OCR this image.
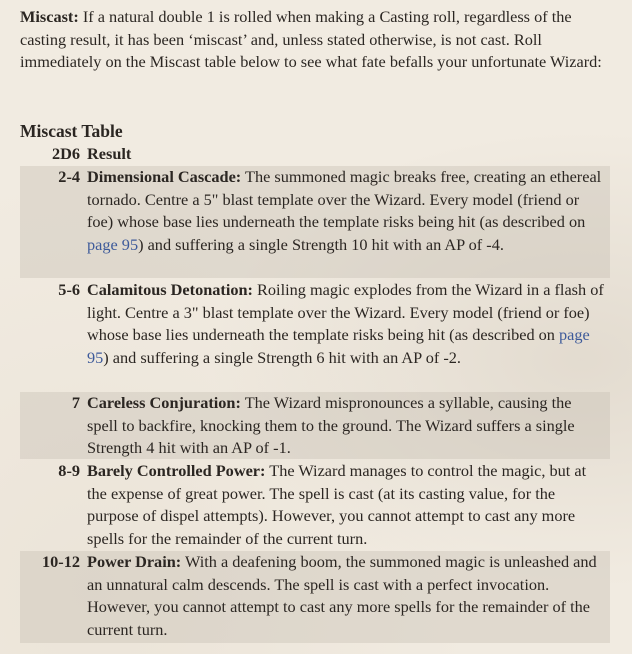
Miscast: If a natural double 1 is rolled when making a Casting roll, regardless of the casting result, it has been ‘miscast’ and, unless stated otherwise, is not cast. Roll immediately on the Miscast table below to see what fate befalls your unfortunate Wizard:
Miscast Table
2D6 Result
2-4 Dimensional Cascade: The summoned magic breaks free, creating an ethereal tornado. Centre a 5" blast template over the Wizard. Every model (friend or foe) whose base lies underneath the template risks being hit (as described on page 95) and suffering a single Strength 10 hit with an AP of -4.
5-6 Calamitous Detonation: Roiling magic explodes from the Wizard in a flash of light. Centre a 3" blast template over the Wizard. Every model (friend or foe) whose base lies underneath the template risks being hit (as described on page 95) and suffering a single Strength 6 hit with an AP of -2.
7 Careless Conjuration: The Wizard mispronounces a syllable, causing the spell to backfire, knocking them to the ground. The Wizard suffers a single Strength 4 hit with an AP of -1.
8-9 Barely Controlled Power: The Wizard manages to control the magic, but at the expense of great power. The spell is cast (at its casting value, for the purpose of dispel attempts). However, you cannot attempt to cast any more spells for the remainder of the current turn.
10-12 Power Drain: With a deafening boom, the summoned magic is unleashed and an unnatural calm descends. The spell is cast with a perfect invocation. However, you cannot attempt to cast any more spells for the remainder of the current turn.
